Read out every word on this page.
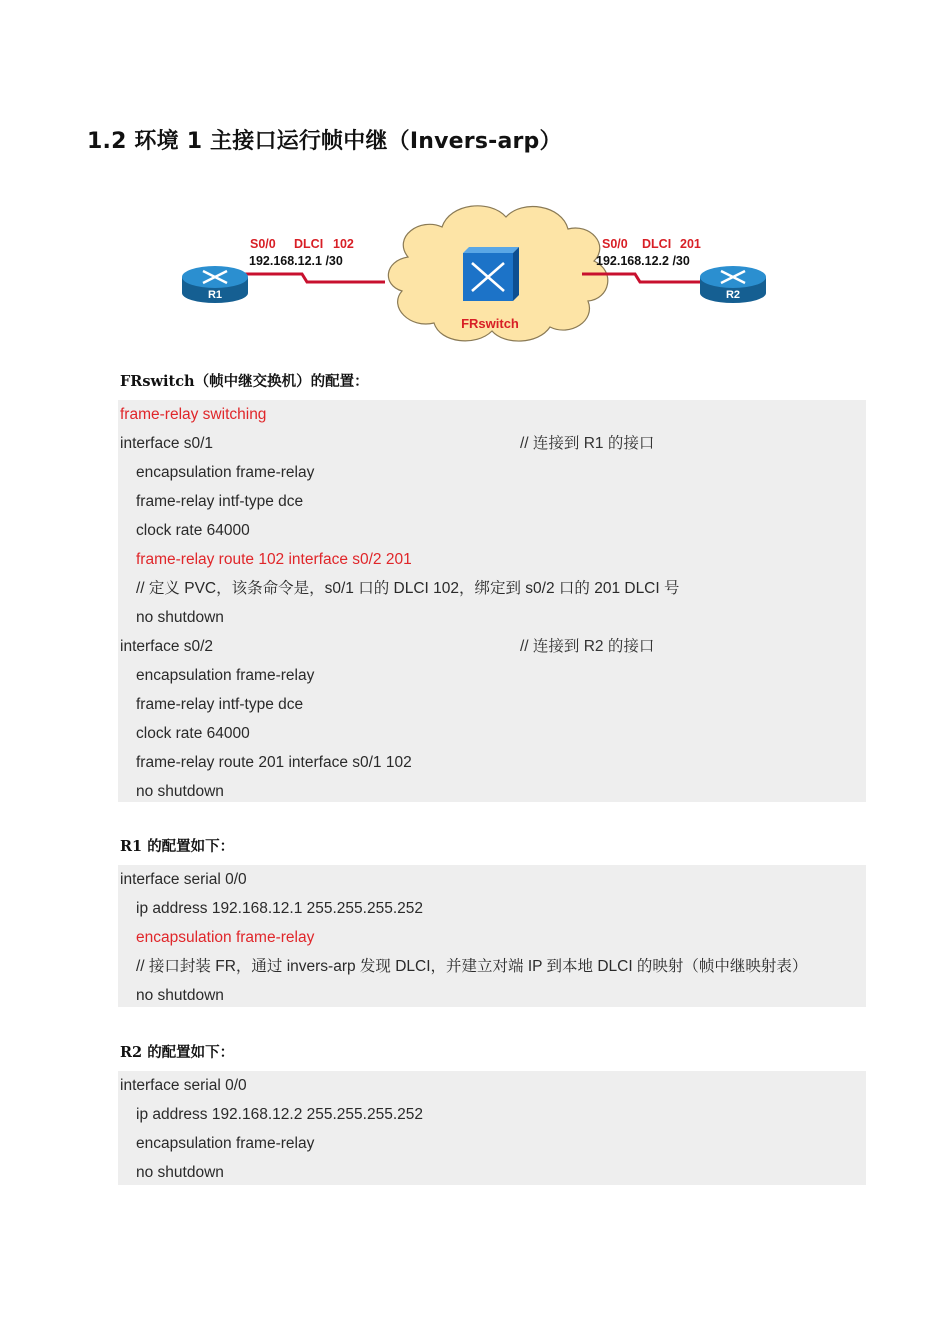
1.2 环境 1 主接口运行帧中继（Invers-arp）
R1	R2
FRswitch
S0/0 DLCI 102
192.168.12.1 /30
S0/0 DLCI 201
192.168.12.2 /30
FRswitch（帧中继交换机）的配置：
frame-relay switching
interface s0/1	// 连接到 R1 的接口
encapsulation frame-relay
frame-relay intf-type dce
clock rate 64000
frame-relay route 102 interface s0/2 201
// 定义 PVC，该条命令是，s0/1 口的 DLCI 102，绑定到 s0/2 口的 201 DLCI 号
no shutdown
interface s0/2	// 连接到 R2 的接口
encapsulation frame-relay
frame-relay intf-type dce
clock rate 64000
frame-relay route 201 interface s0/1 102
no shutdown
R1 的配置如下：
interface serial 0/0
ip address 192.168.12.1 255.255.255.252
encapsulation frame-relay
// 接口封装 FR，通过 invers-arp 发现 DLCI，并建立对端 IP 到本地 DLCI 的映射（帧中继映射表）
no shutdown
R2 的配置如下：
interface serial 0/0
ip address 192.168.12.2 255.255.255.252
encapsulation frame-relay
no shutdown
